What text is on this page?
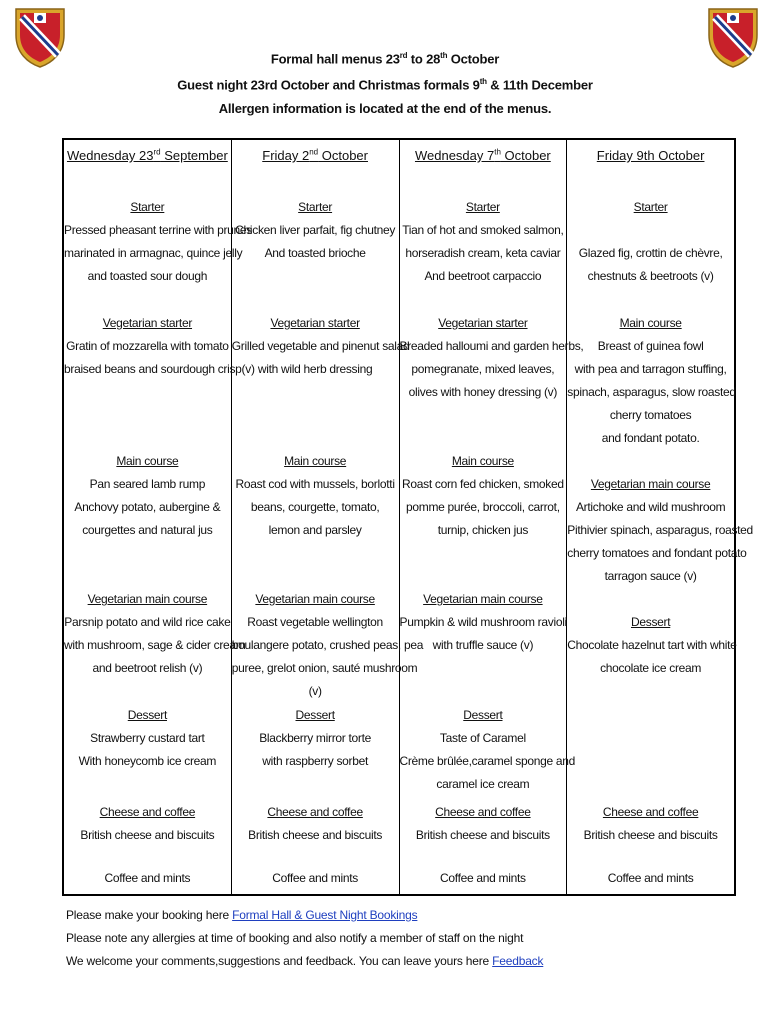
Formal hall menus 23rd to 28th October
Guest night 23rd October and Christmas formals 9th & 11th December
Allergen information is located at the end of the menus.
Wednesday 23rd September
Starter
Pressed pheasant terrine with prunes
marinated in armagnac, quince jelly
and toasted sour dough
Vegetarian starter
Gratin of mozzarella with tomato
braised beans and sourdough crisp(v)
Main course
Pan seared lamb rump
Anchovy potato, aubergine &
courgettes and natural jus
Vegetarian main course
Parsnip potato and wild rice cake
with mushroom, sage & cider cream
and beetroot relish (v)
Dessert
Strawberry custard tart
With honeycomb ice cream
Cheese and coffee
British cheese and biscuits
Coffee and mints
Friday 2nd October
Starter
Chicken liver parfait, fig chutney
And toasted brioche
Vegetarian starter
Grilled vegetable and pinenut salad
with wild herb dressing
Main course
Roast cod with mussels, borlotti
beans, courgette, tomato,
lemon and parsley
Vegetarian main course
Roast vegetable wellington
boulangere potato, crushed peas, pea
puree, grelot onion, sauté mushroom
(v)
Dessert
Blackberry mirror torte
with raspberry sorbet
Cheese and coffee
British cheese and biscuits
Coffee and mints
Wednesday 7th October
Starter
Tian of hot and smoked salmon,
horseradish cream, keta caviar
And beetroot carpaccio
Vegetarian starter
Breaded halloumi and garden herbs,
pomegranate, mixed leaves,
olives with honey dressing (v)
Main course
Roast corn fed chicken, smoked
pomme purée, broccoli, carrot,
turnip, chicken jus
Vegetarian main course
Pumpkin & wild mushroom ravioli
with truffle sauce (v)
Dessert
Taste of Caramel
Crème brûlée,caramel sponge and
caramel ice cream
Cheese and coffee
British cheese and biscuits
Coffee and mints
Friday 9th October
Starter

Glazed fig, crottin de chèvre,
chestnuts & beetroots (v)
Main course
Breast of guinea fowl
with pea and tarragon stuffing,
spinach, asparagus, slow roasted
cherry tomatoes
and fondant potato.
Vegetarian main course
Artichoke and wild mushroom
Pithivier spinach, asparagus, roasted
cherry tomatoes and fondant potato
tarragon sauce (v)
Dessert
Chocolate hazelnut tart with white
chocolate ice cream
Cheese and coffee
British cheese and biscuits
Coffee and mints
Please make your booking here Formal Hall & Guest Night Bookings
Please note any allergies at time of booking and also notify a member of staff on the night
We welcome your comments,suggestions and feedback. You can leave yours here Feedback
